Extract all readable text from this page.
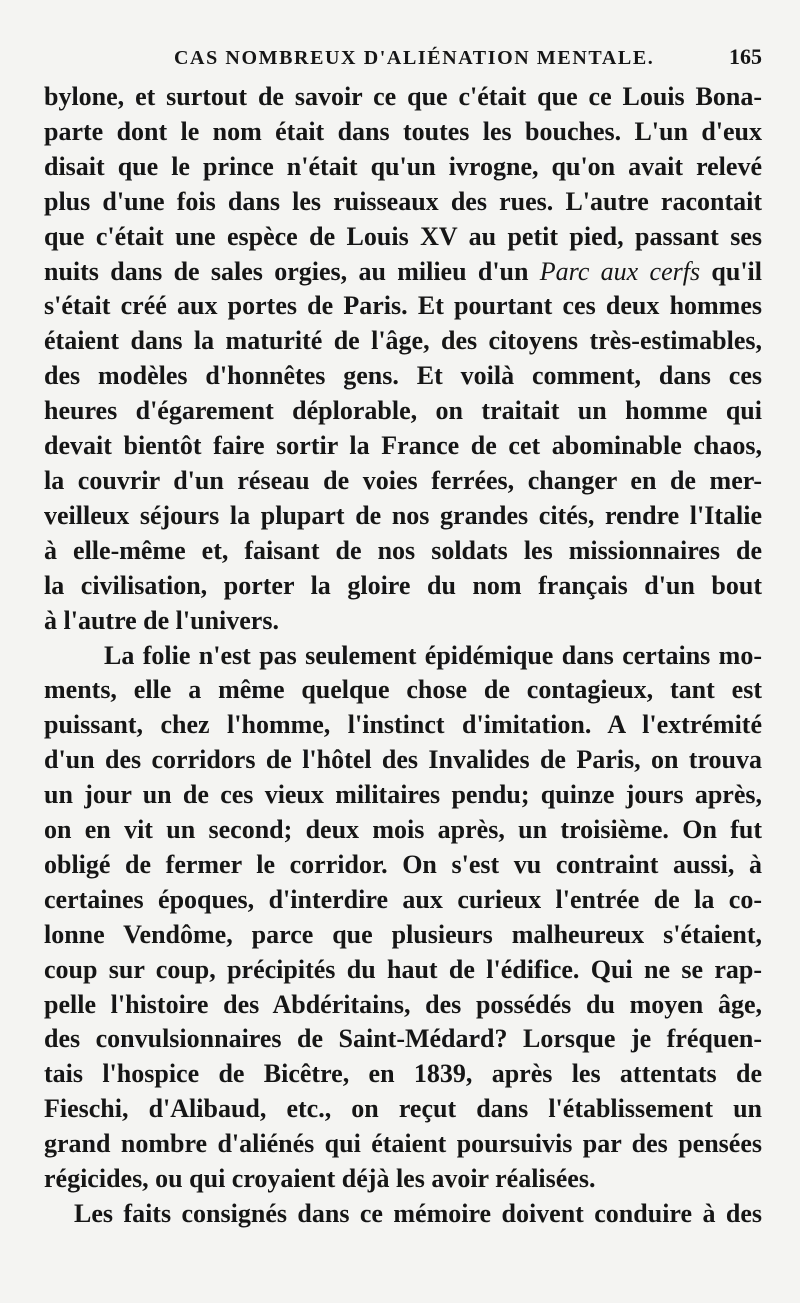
CAS NOMBREUX D'ALIÉNATION MENTALE.	165

bylone, et surtout de savoir ce que c'était que ce Louis Bona-
parte dont le nom était dans toutes les bouches. L'un d'eux
disait que le prince n'était qu'un ivrogne, qu'on avait relevé
plus d'une fois dans les ruisseaux des rues. L'autre racontait
que c'était une espèce de Louis XV au petit pied, passant ses
nuits dans de sales orgies, au milieu d'un Parc aux cerfs qu'il
s'était créé aux portes de Paris. Et pourtant ces deux hommes
étaient dans la maturité de l'âge, des citoyens très-estimables,
des modèles d'honnêtes gens. Et voilà comment, dans ces
heures d'égarement déplorable, on traitait un homme qui
devait bientôt faire sortir la France de cet abominable chaos,
la couvrir d'un réseau de voies ferrées, changer en de mer-
veilleux séjours la plupart de nos grandes cités, rendre l'Italie
à elle-même et, faisant de nos soldats les missionnaires de
la civilisation, porter la gloire du nom français d'un bout
à l'autre de l'univers.

La folie n'est pas seulement épidémique dans certains mo-
ments, elle a même quelque chose de contagieux, tant est
puissant, chez l'homme, l'instinct d'imitation. A l'extrémité
d'un des corridors de l'hôtel des Invalides de Paris, on trouva
un jour un de ces vieux militaires pendu; quinze jours après,
on en vit un second; deux mois après, un troisième. On fut
obligé de fermer le corridor. On s'est vu contraint aussi, à
certaines époques, d'interdire aux curieux l'entrée de la co-
lonne Vendôme, parce que plusieurs malheureux s'étaient,
coup sur coup, précipités du haut de l'édifice. Qui ne se rap-
pelle l'histoire des Abdéritains, des possédés du moyen âge,
des convulsionnaires de Saint-Médard? Lorsque je fréquen-
tais l'hospice de Bicêtre, en 1839, après les attentats de
Fieschi, d'Alibaud, etc., on reçut dans l'établissement un
grand nombre d'aliénés qui étaient poursuivis par des pensées
régicides, ou qui croyaient déjà les avoir réalisées.

Les faits consignés dans ce mémoire doivent conduire à des
